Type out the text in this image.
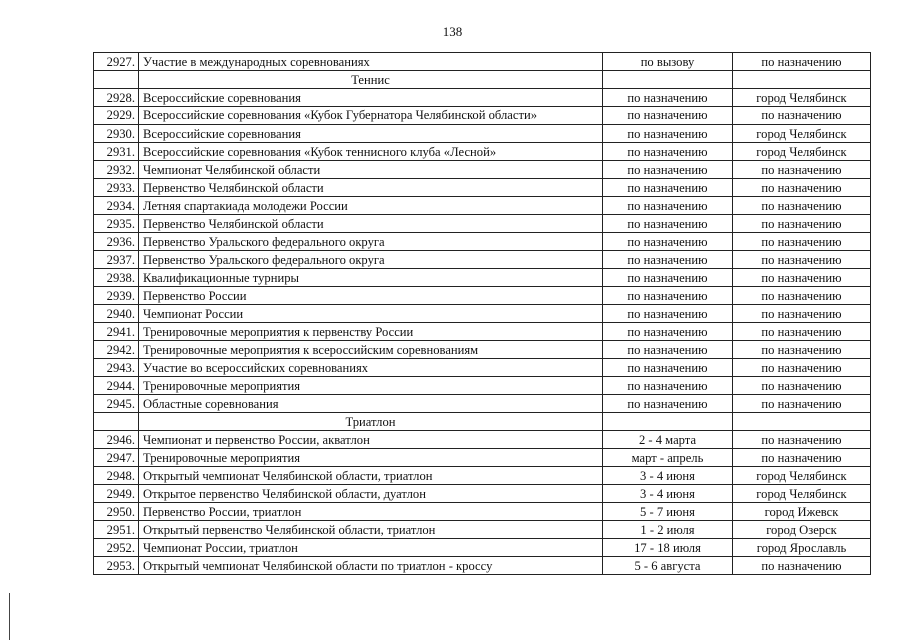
138
2927.	Участие в международных соревнованиях	по вызову	по назначению
	Теннис		
2928.	Всероссийские соревнования	по назначению	город Челябинск
2929.	Всероссийские соревнования «Кубок Губернатора Челябинской области»	по назначению	по назначению
2930.	Всероссийские соревнования	по назначению	город Челябинск
2931.	Всероссийские соревнования «Кубок теннисного клуба «Лесной»	по назначению	город Челябинск
2932.	Чемпионат Челябинской области	по назначению	по назначению
2933.	Первенство Челябинской области	по назначению	по назначению
2934.	Летняя спартакиада молодежи России	по назначению	по назначению
2935.	Первенство Челябинской области	по назначению	по назначению
2936.	Первенство Уральского федерального округа	по назначению	по назначению
2937.	Первенство Уральского федерального округа	по назначению	по назначению
2938.	Квалификационные турниры	по назначению	по назначению
2939.	Первенство России	по назначению	по назначению
2940.	Чемпионат России	по назначению	по назначению
2941.	Тренировочные мероприятия к первенству России	по назначению	по назначению
2942.	Тренировочные мероприятия к всероссийским соревнованиям	по назначению	по назначению
2943.	Участие во всероссийских соревнованиях	по назначению	по назначению
2944.	Тренировочные мероприятия	по назначению	по назначению
2945.	Областные соревнования	по назначению	по назначению
	Триатлон		
2946.	Чемпионат и первенство России, акватлон	2 - 4 марта	по назначению
2947.	Тренировочные мероприятия	март - апрель	по назначению
2948.	Открытый чемпионат Челябинской области, триатлон	3 - 4 июня	город Челябинск
2949.	Открытое первенство Челябинской области, дуатлон	3 - 4 июня	город Челябинск
2950.	Первенство России, триатлон	5 - 7 июня	город Ижевск
2951.	Открытый первенство Челябинской области, триатлон	1 - 2 июля	город Озерск
2952.	Чемпионат России, триатлон	17 - 18 июля	город Ярославль
2953.	Открытый чемпионат Челябинской области по триатлон - кроссу	5 - 6 августа	по назначению
